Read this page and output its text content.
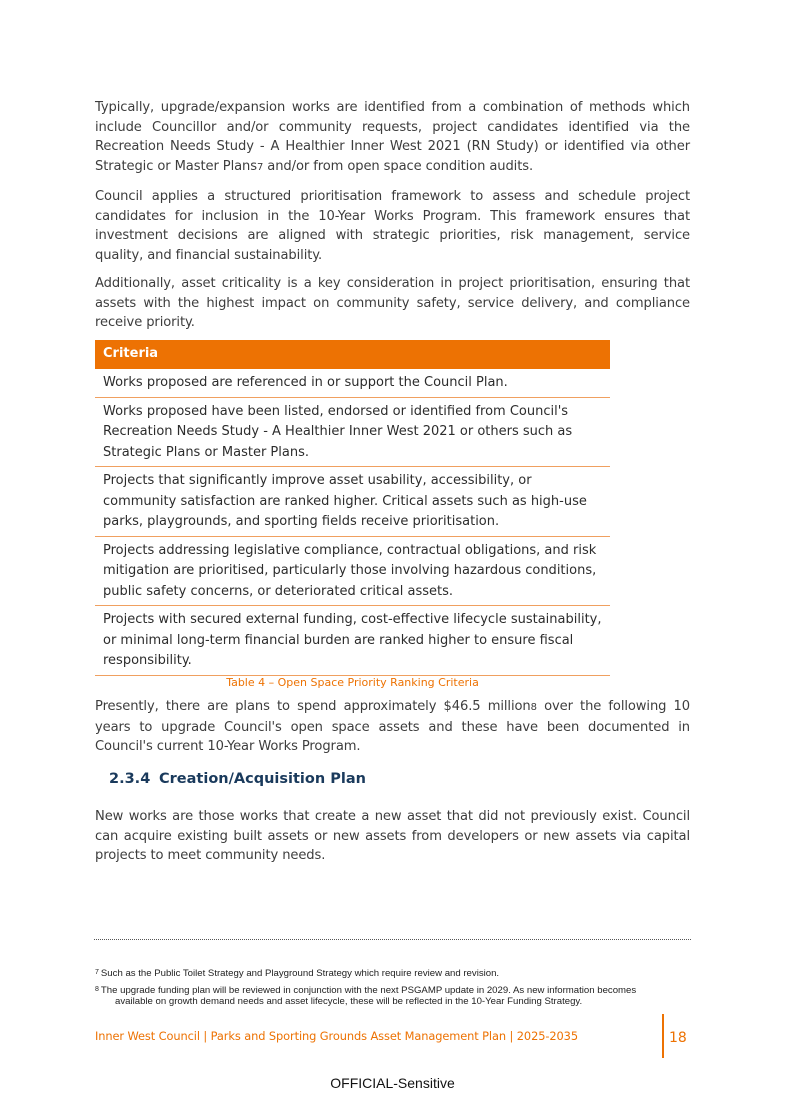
Typically, upgrade/expansion works are identified from a combination of methods which include Councillor and/or community requests, project candidates identified via the Recreation Needs Study - A Healthier Inner West 2021 (RN Study) or identified via other Strategic or Master Plans7 and/or from open space condition audits.

Council applies a structured prioritisation framework to assess and schedule project candidates for inclusion in the 10-Year Works Program. This framework ensures that investment decisions are aligned with strategic priorities, risk management, service quality, and financial sustainability.

Additionally, asset criticality is a key consideration in project prioritisation, ensuring that assets with the highest impact on community safety, service delivery, and compliance receive priority.

Criteria
Works proposed are referenced in or support the Council Plan.
Works proposed have been listed, endorsed or identified from Council's Recreation Needs Study - A Healthier Inner West 2021 or others such as Strategic Plans or Master Plans.
Projects that significantly improve asset usability, accessibility, or community satisfaction are ranked higher. Critical assets such as high-use parks, playgrounds, and sporting fields receive prioritisation.
Projects addressing legislative compliance, contractual obligations, and risk mitigation are prioritised, particularly those involving hazardous conditions, public safety concerns, or deteriorated critical assets.
Projects with secured external funding, cost-effective lifecycle sustainability, or minimal long-term financial burden are ranked higher to ensure fiscal responsibility.
Table 4 – Open Space Priority Ranking Criteria

Presently, there are plans to spend approximately $46.5 million8 over the following 10 years to upgrade Council's open space assets and these have been documented in Council's current 10-Year Works Program.

2.3.4 Creation/Acquisition Plan

New works are those works that create a new asset that did not previously exist. Council can acquire existing built assets or new assets from developers or new assets via capital projects to meet community needs.

$^7$ Such as the Public Toilet Strategy and Playground Strategy which require review and revision.
$^8$ The upgrade funding plan will be reviewed in conjunction with the next PSGAMP update in 2029. As new information becomes
available on growth demand needs and asset lifecycle, these will be reflected in the 10-Year Funding Strategy.
Inner West Council | Parks and Sporting Grounds Asset Management Plan | 2025-2035	18
OFFICIAL-Sensitive
